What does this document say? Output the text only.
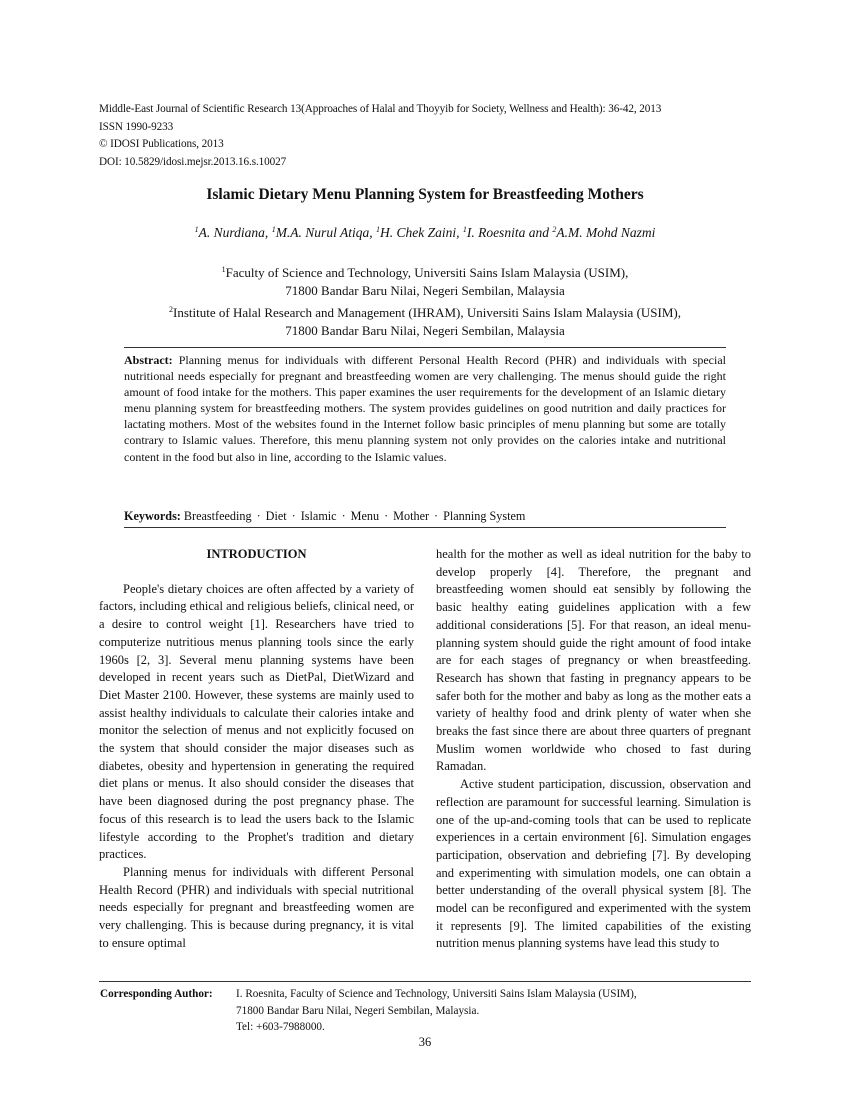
Middle-East Journal of Scientific Research 13(Approaches of Halal and Thoyyib for Society, Wellness and Health): 36-42, 2013
ISSN 1990-9233
© IDOSI Publications, 2013
DOI: 10.5829/idosi.mejsr.2013.16.s.10027
Islamic Dietary Menu Planning System for Breastfeeding Mothers
$^1$A. Nurdiana, $^1$M.A. Nurul Atiqa, $^1$H. Chek Zaini, $^1$I. Roesnita and $^2$A.M. Mohd Nazmi
$^1$Faculty of Science and Technology, Universiti Sains Islam Malaysia (USIM),
71800 Bandar Baru Nilai, Negeri Sembilan, Malaysia
$^2$Institute of Halal Research and Management (IHRAM), Universiti Sains Islam Malaysia (USIM),
71800 Bandar Baru Nilai, Negeri Sembilan, Malaysia
Abstract: Planning menus for individuals with different Personal Health Record (PHR) and individuals with special nutritional needs especially for pregnant and breastfeeding women are very challenging. The menus should guide the right amount of food intake for the mothers. This paper examines the user requirements for the development of an Islamic dietary menu planning system for breastfeeding mothers. The system provides guidelines on good nutrition and daily practices for lactating mothers. Most of the websites found in the Internet follow basic principles of menu planning but some are totally contrary to Islamic values. Therefore, this menu planning system not only provides on the calories intake and nutritional content in the food but also in line, according to the Islamic values.
Keywords: Breastfeeding · Diet · Islamic · Menu · Mother · Planning System

INTRODUCTION

People's dietary choices are often affected by a variety of factors, including ethical and religious beliefs, clinical need, or a desire to control weight [1]. Researchers have tried to computerize nutritious menus planning tools since the early 1960s [2, 3]. Several menu planning systems have been developed in recent years such as DietPal, DietWizard and Diet Master 2100. However, these systems are mainly used to assist healthy individuals to calculate their calories intake and monitor the selection of menus and not explicitly focused on the system that should consider the major diseases such as diabetes, obesity and hypertension in generating the required diet plans or menus. It also should consider the diseases that have been diagnosed during the post pregnancy phase. The focus of this research is to lead the users back to the Islamic lifestyle according to the Prophet's tradition and dietary practices.

Planning menus for individuals with different Personal Health Record (PHR) and individuals with special nutritional needs especially for pregnant and breastfeeding women are very challenging. This is because during pregnancy, it is vital to ensure optimal

health for the mother as well as ideal nutrition for the baby to develop properly [4]. Therefore, the pregnant and breastfeeding women should eat sensibly by following the basic healthy eating guidelines application with a few additional considerations [5]. For that reason, an ideal menu-planning system should guide the right amount of food intake are for each stages of pregnancy or when breastfeeding. Research has shown that fasting in pregnancy appears to be safer both for the mother and baby as long as the mother eats a variety of healthy food and drink plenty of water when she breaks the fast since there are about three quarters of pregnant Muslim women worldwide who chosed to fast during Ramadan.

Active student participation, discussion, observation and reflection are paramount for successful learning. Simulation is one of the up-and-coming tools that can be used to replicate experiences in a certain environment [6]. Simulation engages participation, observation and debriefing [7]. By developing and experimenting with simulation models, one can obtain a better understanding of the overall physical system [8]. The model can be reconfigured and experimented with the system it represents [9]. The limited capabilities of the existing nutrition menus planning systems have lead this study to

Corresponding Author: I. Roesnita, Faculty of Science and Technology, Universiti Sains Islam Malaysia (USIM),
71800 Bandar Baru Nilai, Negeri Sembilan, Malaysia.
Tel: +603-7988000.
36
